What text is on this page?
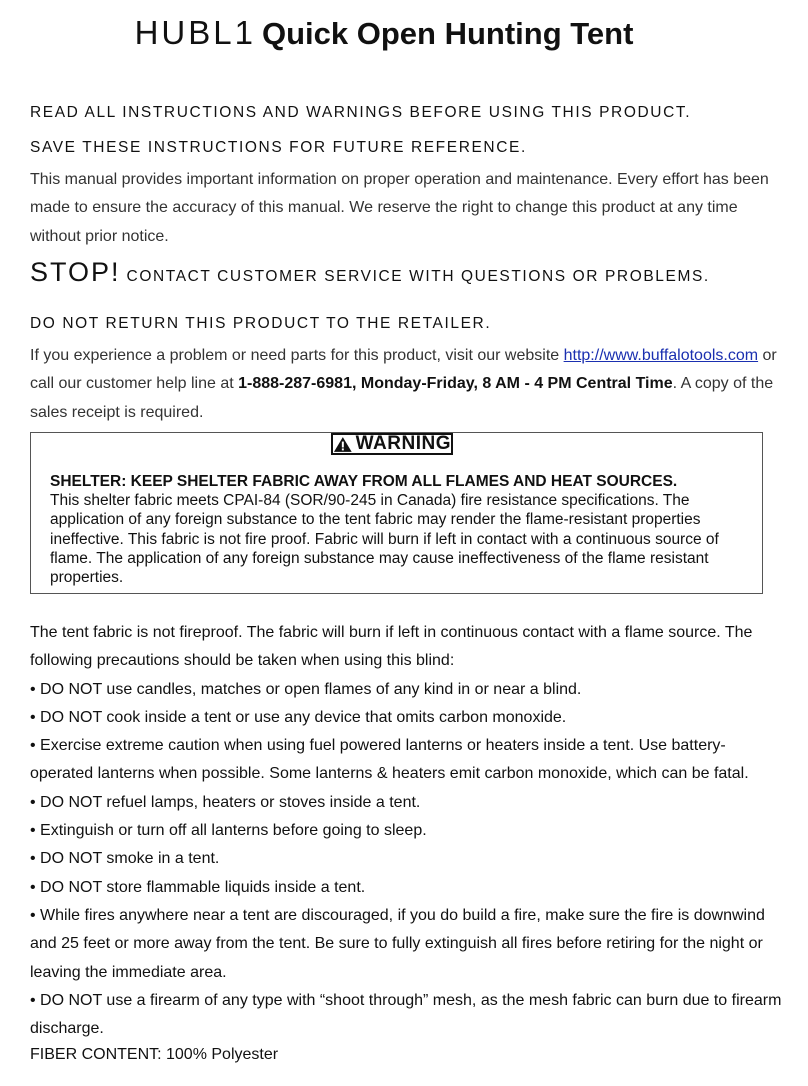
HUBL1 Quick Open Hunting Tent
READ ALL INSTRUCTIONS AND WARNINGS BEFORE USING THIS PRODUCT.
SAVE THESE INSTRUCTIONS FOR FUTURE REFERENCE.
This manual provides important information on proper operation and maintenance. Every effort has been made to ensure the accuracy of this manual. We reserve the right to change this product at any time without prior notice.
STOP! CONTACT CUSTOMER SERVICE WITH QUESTIONS OR PROBLEMS.
DO NOT RETURN THIS PRODUCT TO THE RETAILER.
If you experience a problem or need parts for this product, visit our website http://www.buffalotools.com or call our customer help line at 1-888-287-6981, Monday-Friday, 8 AM - 4 PM Central Time. A copy of the sales receipt is required.
WARNING
SHELTER: KEEP SHELTER FABRIC AWAY FROM ALL FLAMES AND HEAT SOURCES.
This shelter fabric meets CPAI-84 (SOR/90-245 in Canada) fire resistance specifications. The application of any foreign substance to the tent fabric may render the flame-resistant properties ineffective. This fabric is not fire proof. Fabric will burn if left in contact with a continuous source of flame. The application of any foreign substance may cause ineffectiveness of the flame resistant properties.

The tent fabric is not fireproof. The fabric will burn if left in continuous contact with a flame source. The following precautions should be taken when using this blind:

• DO NOT use candles, matches or open flames of any kind in or near a blind.

• DO NOT cook inside a tent or use any device that omits carbon monoxide.

• Exercise extreme caution when using fuel powered lanterns or heaters inside a tent. Use battery-operated lanterns when possible. Some lanterns & heaters emit carbon monoxide, which can be fatal.

• DO NOT refuel lamps, heaters or stoves inside a tent.

• Extinguish or turn off all lanterns before going to sleep.

• DO NOT smoke in a tent.

• DO NOT store flammable liquids inside a tent.

• While fires anywhere near a tent are discouraged, if you do build a fire, make sure the fire is downwind and 25 feet or more away from the tent. Be sure to fully extinguish all fires before retiring for the night or leaving the immediate area.

• DO NOT use a firearm of any type with “shoot through” mesh, as the mesh fabric can burn due to firearm discharge.

FIBER CONTENT: 100% Polyester
